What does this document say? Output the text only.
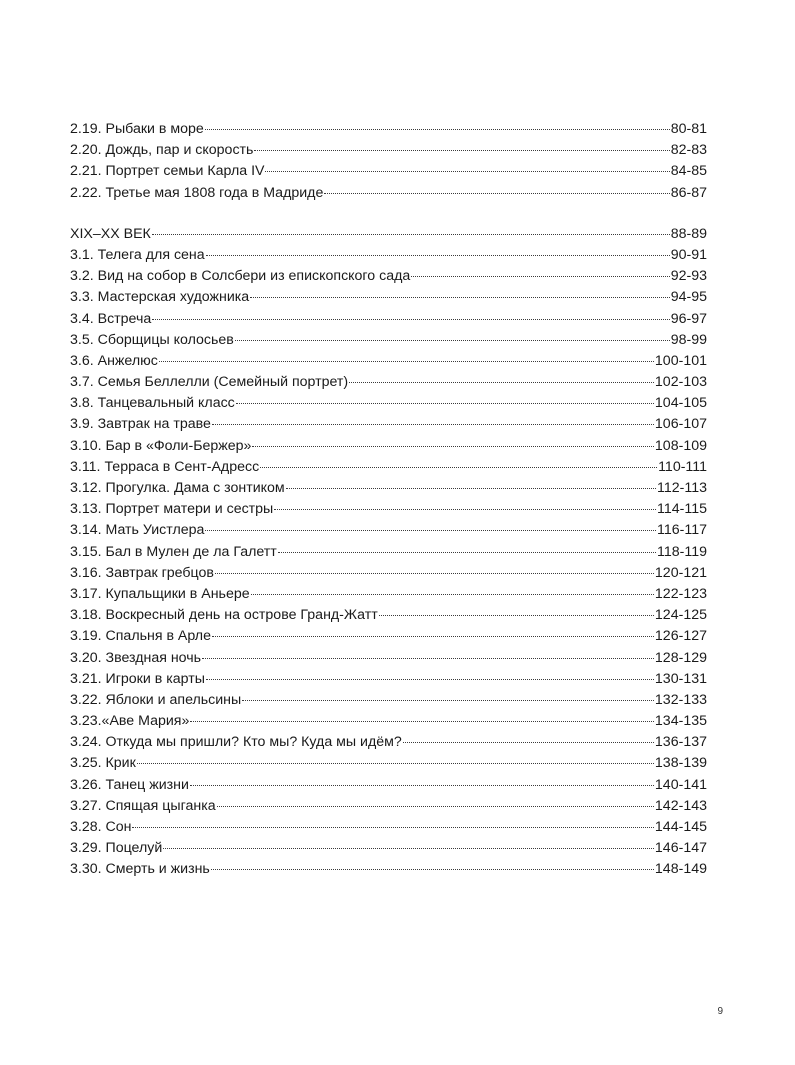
2.19. Рыбаки в море	80-81
2.20. Дождь, пар и скорость	82-83
2.21. Портрет семьи Карла IV	84-85
2.22. Третье мая 1808 года в Мадриде	86-87
XIX–XX ВЕК	88-89
3.1. Телега для сена	90-91
3.2. Вид на собор в Солсбери из епископского сада	92-93
3.3. Мастерская художника	94-95
3.4. Встреча	96-97
3.5. Сборщицы колосьев	98-99
3.6. Анжелюс	100-101
3.7. Семья Беллелли (Семейный портрет)	102-103
3.8. Танцевальный класс	104-105
3.9. Завтрак на траве	106-107
3.10. Бар в «Фоли-Бержер»	108-109
3.11. Терраса в Сент-Адресс	110-111
3.12. Прогулка. Дама с зонтиком	112-113
3.13. Портрет матери и сестры	114-115
3.14. Мать Уистлера	116-117
3.15. Бал в Мулен де ла Галетт	118-119
3.16. Завтрак гребцов	120-121
3.17. Купальщики в Аньере	122-123
3.18. Воскресный день на острове Гранд-Жатт	124-125
3.19. Спальня в Арле	126-127
3.20. Звездная ночь	128-129
3.21. Игроки в карты	130-131
3.22. Яблоки и апельсины	132-133
3.23.«Аве Мария»	134-135
3.24. Откуда мы пришли? Кто мы? Куда мы идём?	136-137
3.25. Крик	138-139
3.26. Танец жизни	140-141
3.27. Спящая цыганка	142-143
3.28. Сон	144-145
3.29. Поцелуй	146-147
3.30. Смерть и жизнь	148-149
9
